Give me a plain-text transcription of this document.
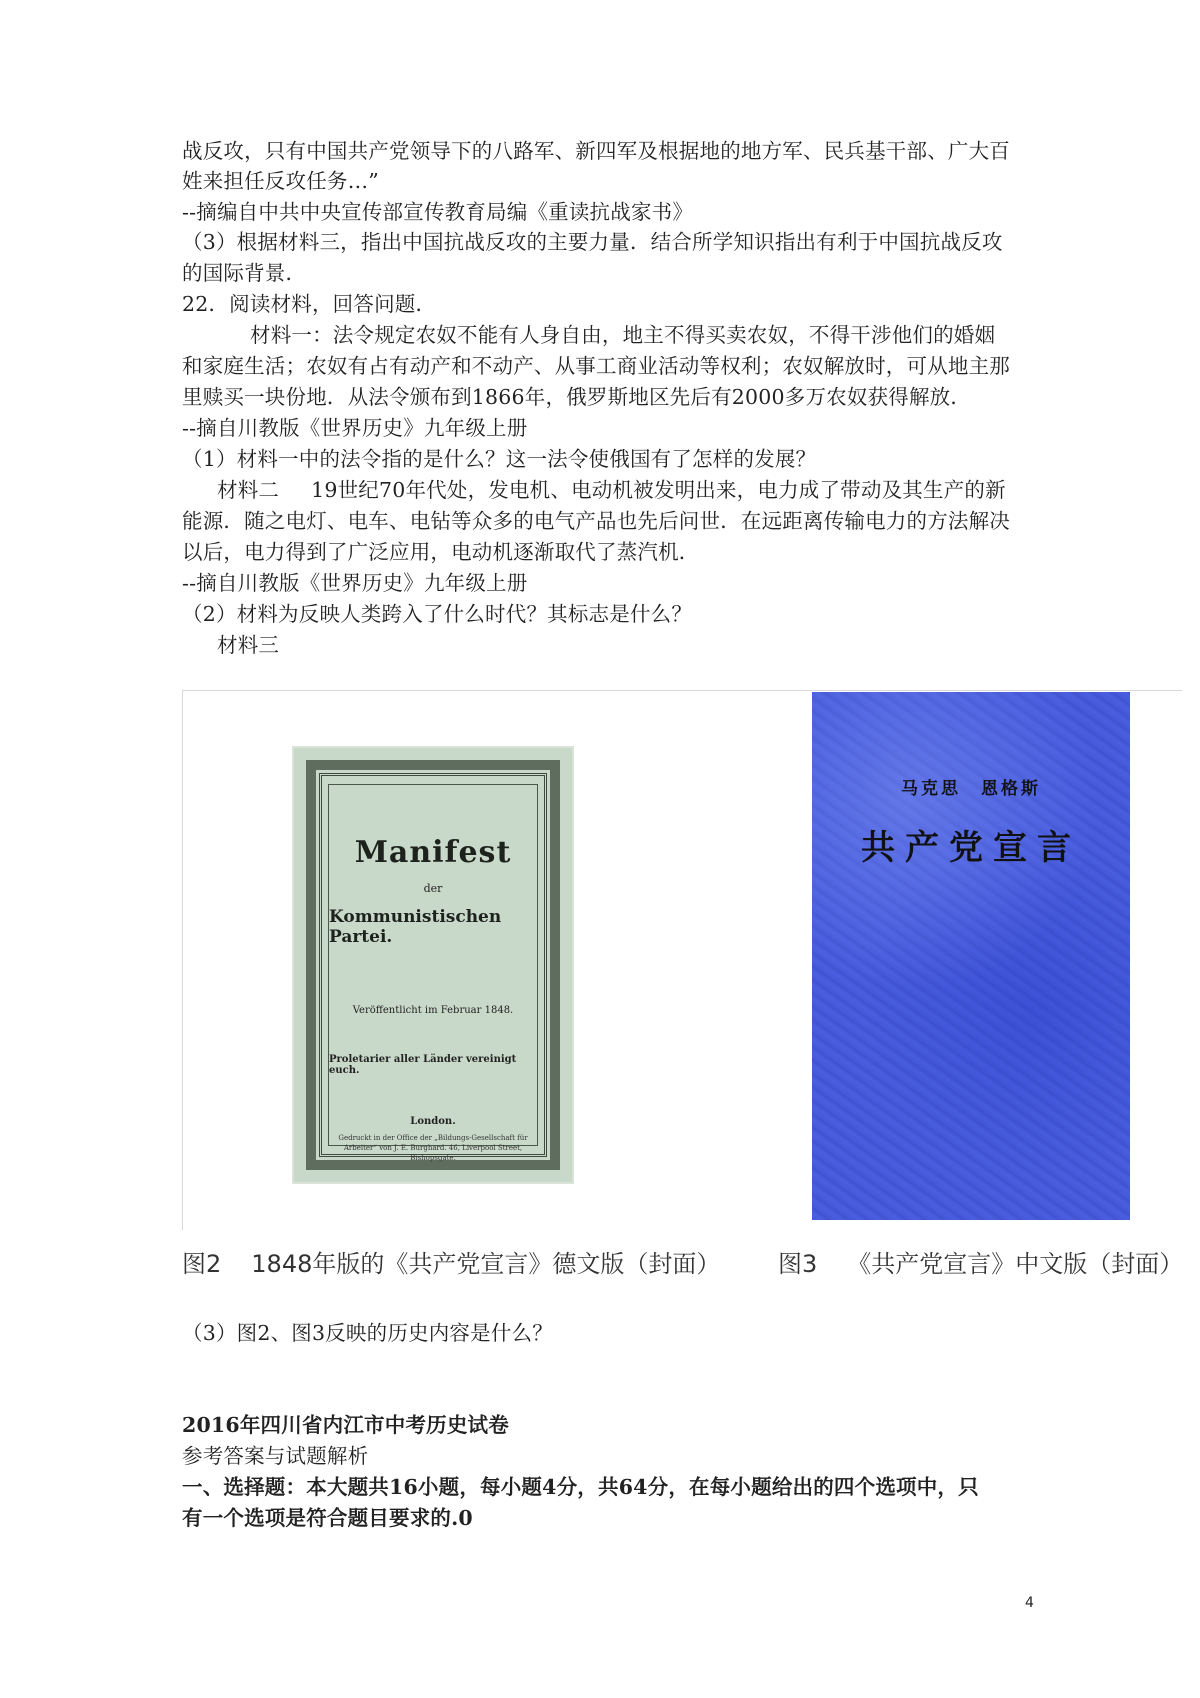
战反攻，只有中国共产党领导下的八路军、新四军及根据地的地方军、民兵基干部、广大百
姓来担任反攻任务…”
--摘编自中共中央宣传部宣传教育局编《重读抗战家书》
（3）根据材料三，指出中国抗战反攻的主要力量．结合所学知识指出有利于中国抗战反攻
的国际背景．
22．阅读材料，回答问题．
材料一：法令规定农奴不能有人身自由，地主不得买卖农奴，不得干涉他们的婚姻
和家庭生活；农奴有占有动产和不动产、从事工商业活动等权利；农奴解放时，可从地主那
里赎买一块份地．从法令颁布到1866年，俄罗斯地区先后有2000多万农奴获得解放．
--摘自川教版《世界历史》九年级上册
（1）材料一中的法令指的是什么？这一法令使俄国有了怎样的发展？
材料二 19世纪70年代处，发电机、电动机被发明出来，电力成了带动及其生产的新
能源．随之电灯、电车、电钻等众多的电气产品也先后问世．在远距离传输电力的方法解决
以后，电力得到了广泛应用，电动机逐渐取代了蒸汽机．
--摘自川教版《世界历史》九年级上册
（2）材料为反映人类跨入了什么时代？其标志是什么？
材料三
Manifest
der
Kommunistischen Partei.
Veröffentlicht im Februar 1848.
Proletarier aller Länder vereinigt euch.
London.
Gedruckt in der Office der „Bildungs-Gesellschaft für Arbeiter“ von J. E. Burghard. 46, Liverpool Street, Bishopsgate.
马克思　恩格斯
共产党宣言
图2 1848年版的《共产党宣言》德文版（封面） 图3 《共产党宣言》中文版（封面）
（3）图2、图3反映的历史内容是什么？
2016年四川省内江市中考历史试卷
参考答案与试题解析
一、选择题：本大题共16小题，每小题4分，共64分，在每小题给出的四个选项中，只
有一个选项是符合题目要求的.0
4
